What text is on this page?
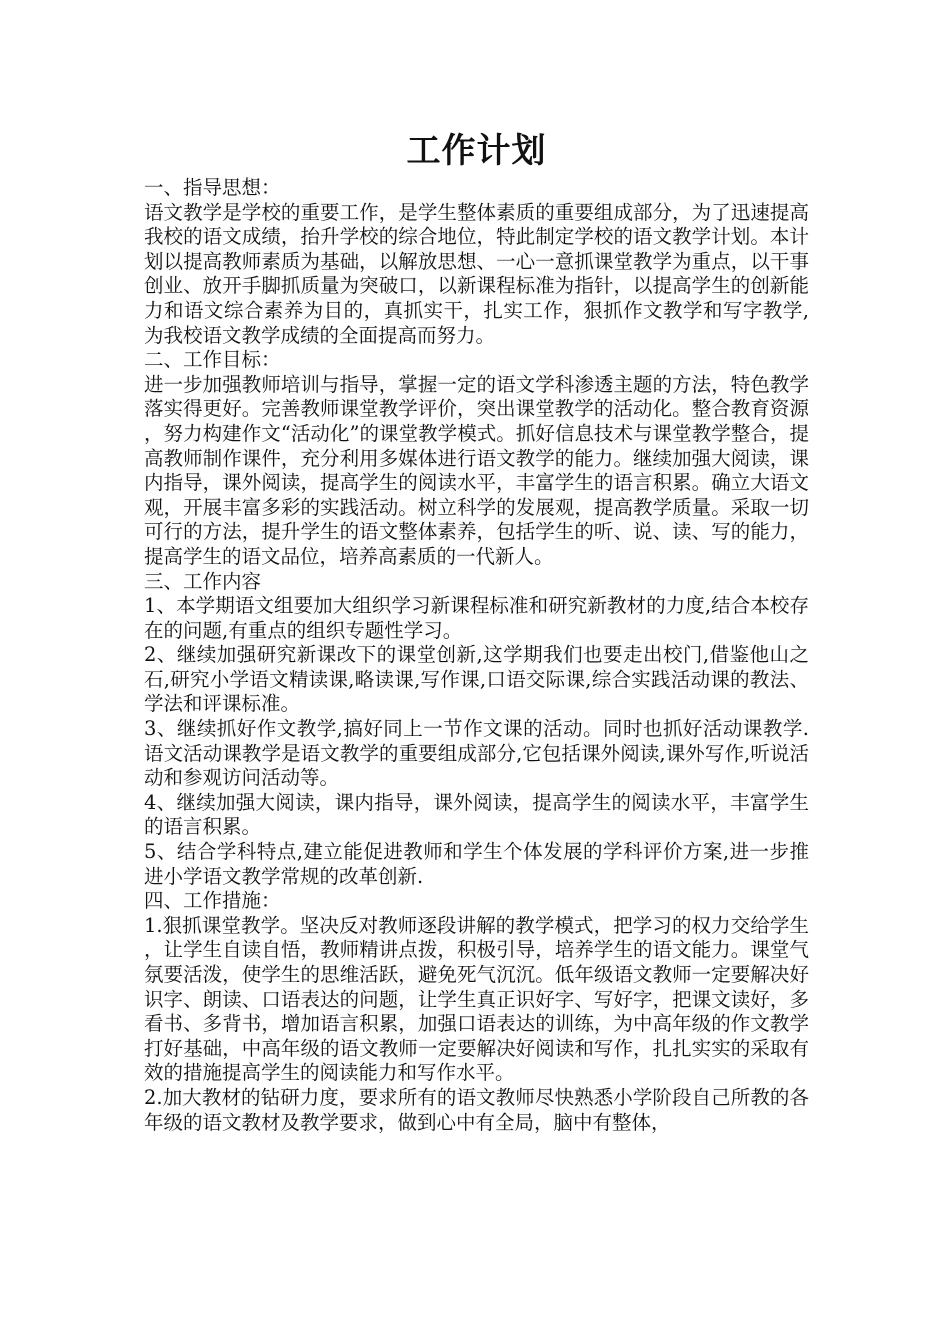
工作计划

一、指导思想：

语文教学是学校的重要工作，是学生整体素质的重要组成部分，为了迅速提高我校的语文成绩，抬升学校的综合地位，特此制定学校的语文教学计划。本计划以提高教师素质为基础，以解放思想、一心一意抓课堂教学为重点，以干事创业、放开手脚抓质量为突破口，以新课程标准为指针，以提高学生的创新能力和语文综合素养为目的，真抓实干，扎实工作，狠抓作文教学和写字教学,为我校语文教学成绩的全面提高而努力。

二、工作目标：

进一步加强教师培训与指导，掌握一定的语文学科渗透主题的方法，特色教学落实得更好。完善教师课堂教学评价，突出课堂教学的活动化。整合教育资源，努力构建作文“活动化”的课堂教学模式。抓好信息技术与课堂教学整合，提高教师制作课件，充分利用多媒体进行语文教学的能力。继续加强大阅读，课内指导，课外阅读，提高学生的阅读水平，丰富学生的语言积累。确立大语文观，开展丰富多彩的实践活动。树立科学的发展观，提高教学质量。采取一切可行的方法，提升学生的语文整体素养，包括学生的听、说、读、写的能力，提高学生的语文品位，培养高素质的一代新人。

三、工作内容

1、本学期语文组要加大组织学习新课程标准和研究新教材的力度,结合本校存在的问题,有重点的组织专题性学习。

2、继续加强研究新课改下的课堂创新,这学期我们也要走出校门,借鉴他山之石,研究小学语文精读课,略读课,写作课,口语交际课,综合实践活动课的教法、学法和评课标准。

3、继续抓好作文教学,搞好同上一节作文课的活动。同时也抓好活动课教学.语文活动课教学是语文教学的重要组成部分,它包括课外阅读,课外写作,听说活动和参观访问活动等。

4、继续加强大阅读，课内指导，课外阅读，提高学生的阅读水平，丰富学生的语言积累。

5、结合学科特点,建立能促进教师和学生个体发展的学科评价方案,进一步推进小学语文教学常规的改革创新.

四、工作措施：

1.狠抓课堂教学。坚决反对教师逐段讲解的教学模式，把学习的权力交给学生，让学生自读自悟，教师精讲点拨，积极引导，培养学生的语文能力。课堂气氛要活泼，使学生的思维活跃，避免死气沉沉。低年级语文教师一定要解决好识字、朗读、口语表达的问题，让学生真正识好字、写好字，把课文读好，多看书、多背书，增加语言积累，加强口语表达的训练，为中高年级的作文教学打好基础，中高年级的语文教师一定要解决好阅读和写作，扎扎实实的采取有效的措施提高学生的阅读能力和写作水平。

2.加大教材的钻研力度，要求所有的语文教师尽快熟悉小学阶段自己所教的各年级的语文教材及教学要求，做到心中有全局，脑中有整体，
